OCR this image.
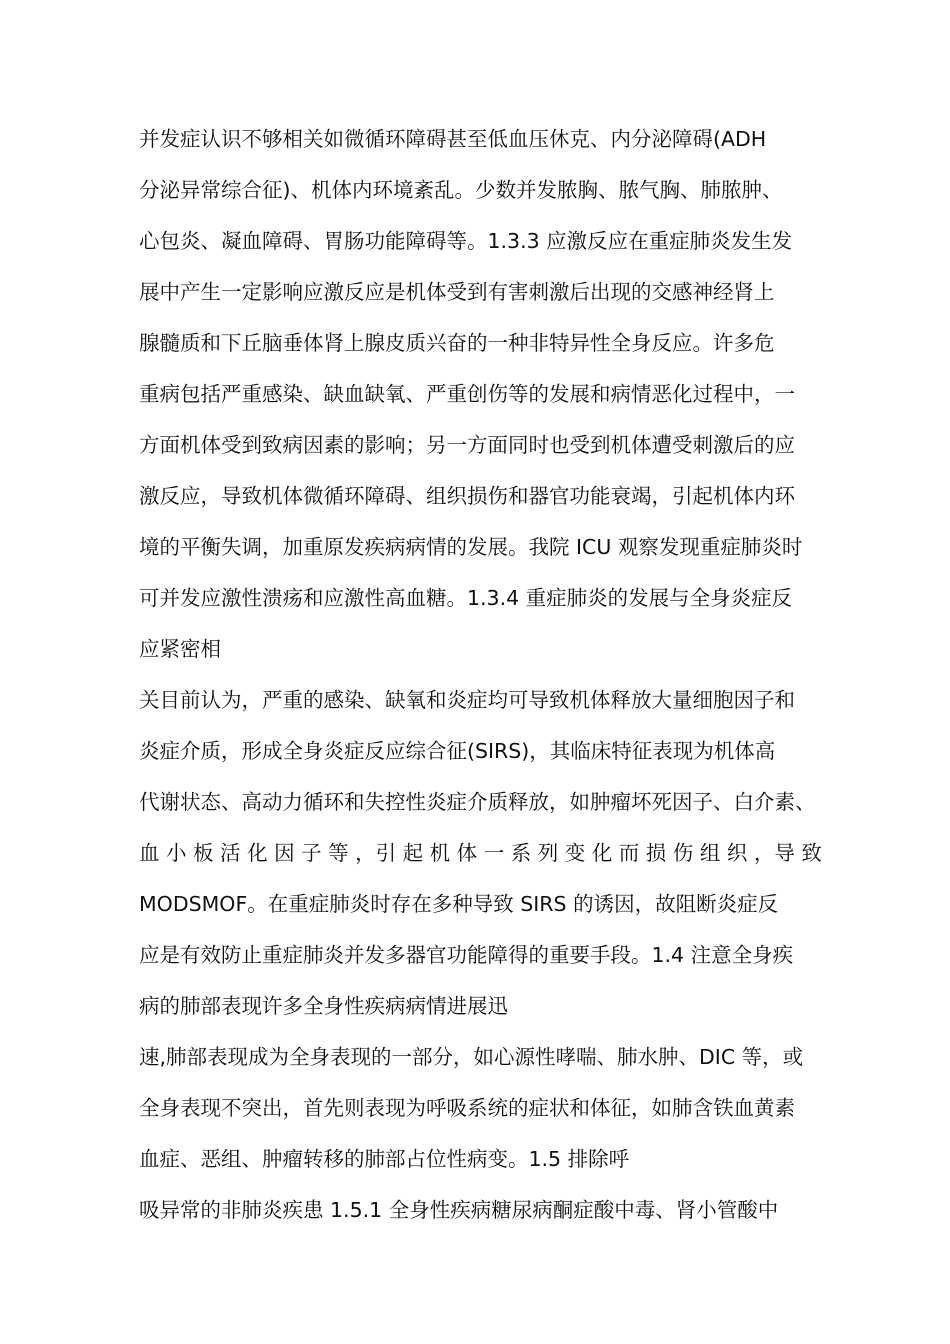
并发症认识不够相关如微循环障碍甚至低血压休克、内分泌障碍(ADH
分泌异常综合征)、机体内环境紊乱。少数并发脓胸、脓气胸、肺脓肿、
心包炎、凝血障碍、胃肠功能障碍等。1.3.3 应激反应在重症肺炎发生发
展中产生一定影响应激反应是机体受到有害刺激后出现的交感神经肾上
腺髓质和下丘脑垂体肾上腺皮质兴奋的一种非特异性全身反应。许多危
重病包括严重感染、缺血缺氧、严重创伤等的发展和病情恶化过程中，一
方面机体受到致病因素的影响；另一方面同时也受到机体遭受刺激后的应
激反应，导致机体微循环障碍、组织损伤和器官功能衰竭，引起机体内环
境的平衡失调，加重原发疾病病情的发展。我院 ICU 观察发现重症肺炎时
可并发应激性溃疡和应激性高血糖。1.3.4 重症肺炎的发展与全身炎症反
应紧密相
关目前认为，严重的感染、缺氧和炎症均可导致机体释放大量细胞因子和
炎症介质，形成全身炎症反应综合征(SIRS)，其临床特征表现为机体高
代谢状态、高动力循环和失控性炎症介质释放，如肿瘤坏死因子、白介素、
血 小 板 活 化 因 子 等 ，引 起 机 体 一 系 列 变 化 而 损 伤 组 织 ，导 致
MODSMOF。在重症肺炎时存在多种导致 SIRS 的诱因，故阻断炎症反
应是有效防止重症肺炎并发多器官功能障得的重要手段。1.4 注意全身疾
病的肺部表现许多全身性疾病病情进展迅
速,肺部表现成为全身表现的一部分，如心源性哮喘、肺水肿、DIC 等，或
全身表现不突出，首先则表现为呼吸系统的症状和体征，如肺含铁血黄素
血症、恶组、肿瘤转移的肺部占位性病变。1.5 排除呼
吸异常的非肺炎疾患 1.5.1 全身性疾病糖尿病酮症酸中毒、肾小管酸中
